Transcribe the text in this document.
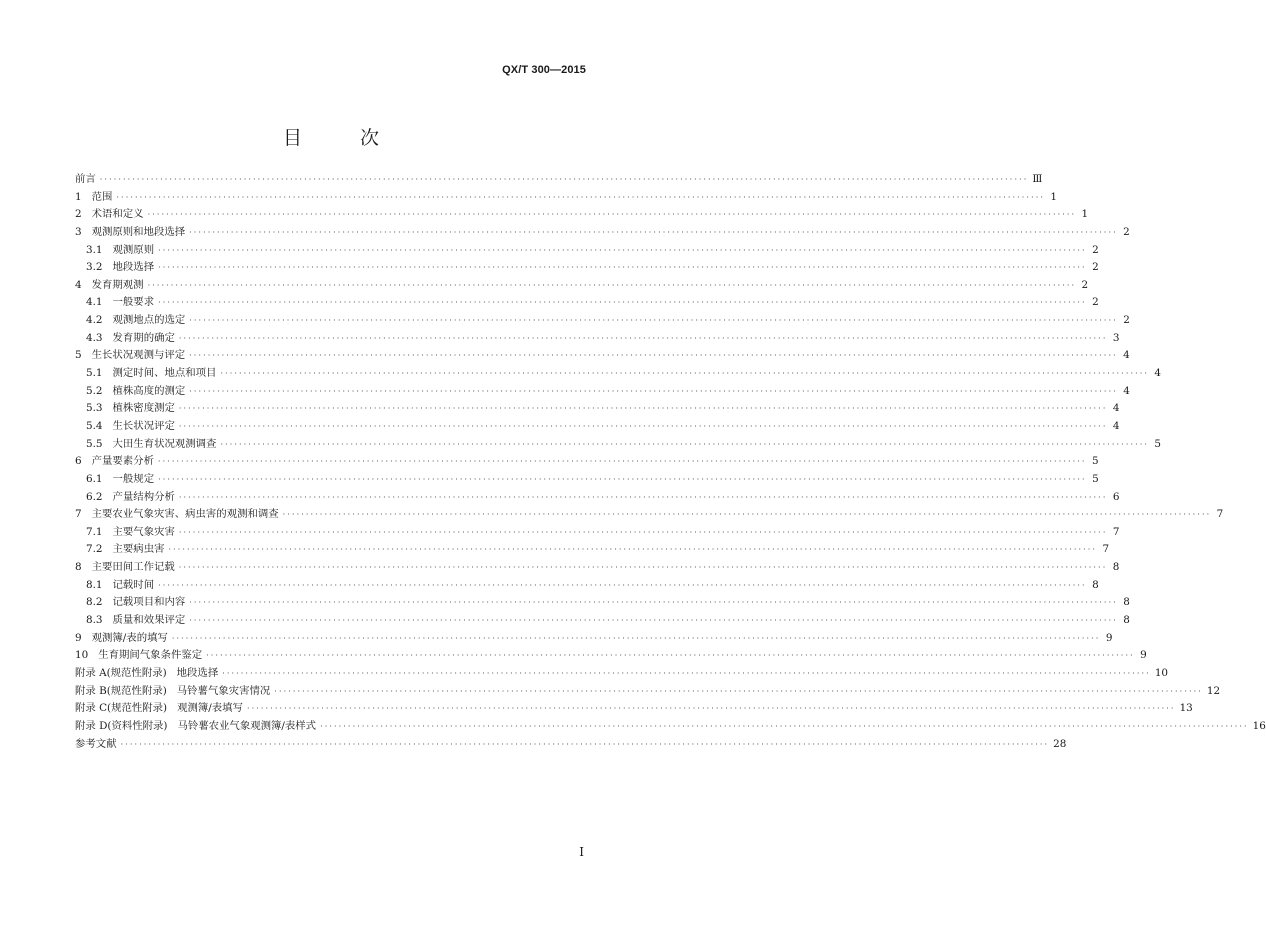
QX/T 300—2015
目 次
前言 ········································································································································································································ Ⅲ
1 范围 ········································································································································································································ 1
2 术语和定义 ········································································································································································································ 1
3 观测原则和地段选择 ········································································································································································································ 2
3.1 观测原则 ········································································································································································································ 2
3.2 地段选择 ········································································································································································································ 2
4 发育期观测 ········································································································································································································ 2
4.1 一般要求 ········································································································································································································ 2
4.2 观测地点的选定 ········································································································································································································ 2
4.3 发育期的确定 ········································································································································································································ 3
5 生长状况观测与评定 ········································································································································································································ 4
5.1 测定时间、地点和项目 ········································································································································································································ 4
5.2 植株高度的测定 ········································································································································································································ 4
5.3 植株密度测定 ········································································································································································································ 4
5.4 生长状况评定 ········································································································································································································ 4
5.5 大田生育状况观测调查 ········································································································································································································ 5
6 产量要素分析 ········································································································································································································ 5
6.1 一般规定 ········································································································································································································ 5
6.2 产量结构分析 ········································································································································································································ 6
7 主要农业气象灾害、病虫害的观测和调查 ········································································································································································································ 7
7.1 主要气象灾害 ········································································································································································································ 7
7.2 主要病虫害 ········································································································································································································ 7
8 主要田间工作记载 ········································································································································································································ 8
8.1 记载时间 ········································································································································································································ 8
8.2 记载项目和内容 ········································································································································································································ 8
8.3 质量和效果评定 ········································································································································································································ 8
9 观测簿/表的填写 ········································································································································································································ 9
10 生育期间气象条件鉴定 ········································································································································································································ 9
附录 A(规范性附录) 地段选择 ········································································································································································································ 10
附录 B(规范性附录) 马铃薯气象灾害情况 ········································································································································································································ 12
附录 C(规范性附录) 观测簿/表填写 ········································································································································································································ 13
附录 D(资料性附录) 马铃薯农业气象观测簿/表样式 ········································································································································································································ 16
参考文献 ········································································································································································································ 28
Ⅰ
